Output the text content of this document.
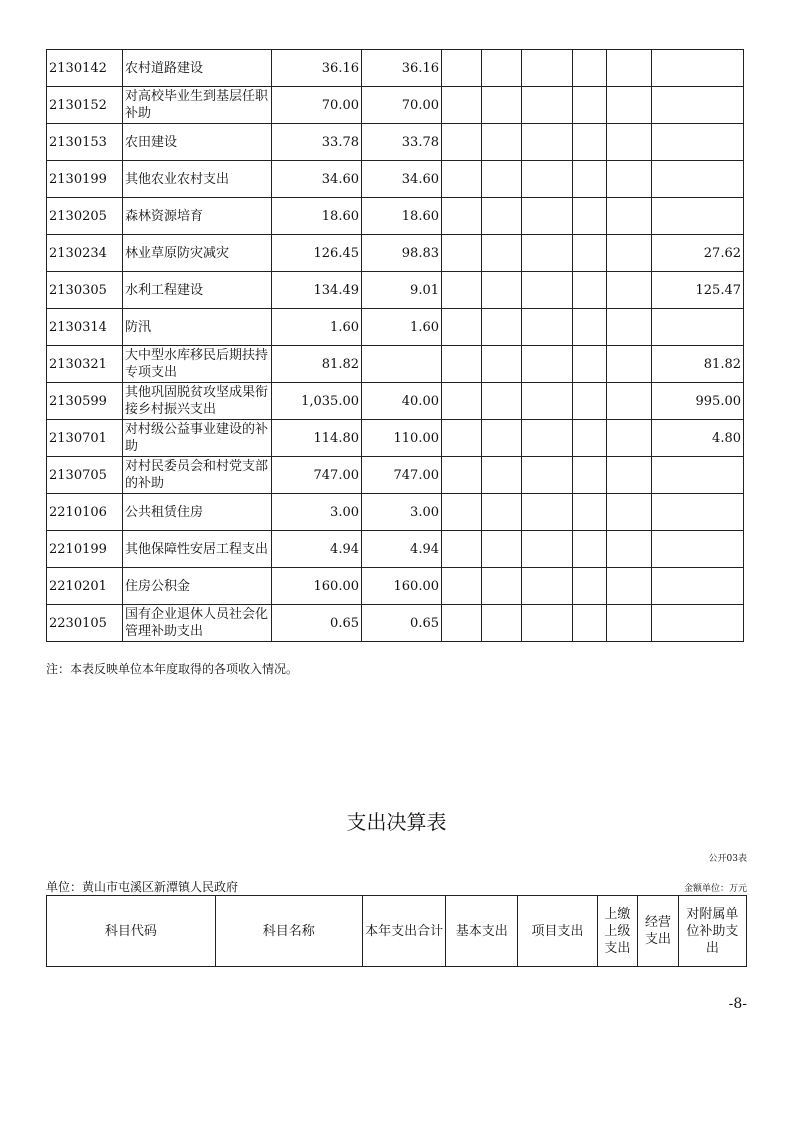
2130142	农村道路建设	36.16	36.16						
2130152	对高校毕业生到基层任职补助	70.00	70.00						
2130153	农田建设	33.78	33.78						
2130199	其他农业农村支出	34.60	34.60						
2130205	森林资源培育	18.60	18.60						
2130234	林业草原防灾减灾	126.45	98.83						27.62
2130305	水利工程建设	134.49	9.01						125.47
2130314	防汛	1.60	1.60						
2130321	大中型水库移民后期扶持专项支出	81.82							81.82
2130599	其他巩固脱贫攻坚成果衔接乡村振兴支出	1,035.00	40.00						995.00
2130701	对村级公益事业建设的补助	114.80	110.00						4.80
2130705	对村民委员会和村党支部的补助	747.00	747.00						
2210106	公共租赁住房	3.00	3.00						
2210199	其他保障性安居工程支出	4.94	4.94						
2210201	住房公积金	160.00	160.00						
2230105	国有企业退休人员社会化管理补助支出	0.65	0.65						
注：本表反映单位本年度取得的各项收入情况。
支出决算表
公开03表
单位：黄山市屯溪区新潭镇人民政府	金额单位：万元
科目代码	科目名称	本年支出合计	基本支出	项目支出	上缴上级支出	经营支出	对附属单位补助支出
-8-
